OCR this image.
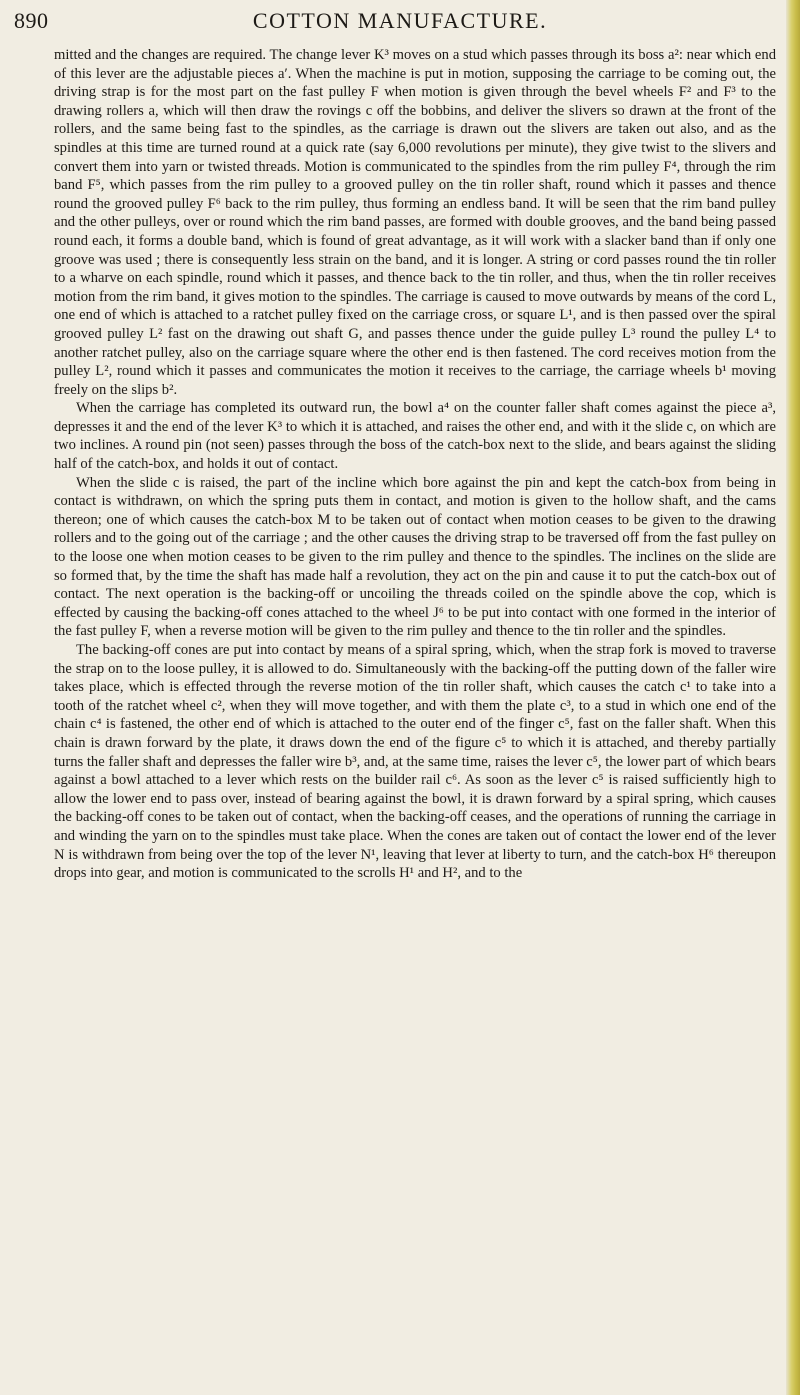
890	COTTON MANUFACTURE.

mitted and the changes are required. The change lever K³ moves on a stud which passes through its boss a²: near which end of this lever are the adjustable pieces a′. When the machine is put in motion, supposing the carriage to be coming out, the driving strap is for the most part on the fast pulley F when motion is given through the bevel wheels F² and F³ to the drawing rollers a, which will then draw the rovings c off the bobbins, and deliver the slivers so drawn at the front of the rollers, and the same being fast to the spindles, as the carriage is drawn out the slivers are taken out also, and as the spindles at this time are turned round at a quick rate (say 6,000 revolutions per minute), they give twist to the slivers and convert them into yarn or twisted threads. Motion is communicated to the spindles from the rim pulley F⁴, through the rim band F⁵, which passes from the rim pulley to a grooved pulley on the tin roller shaft, round which it passes and thence round the grooved pulley F⁶ back to the rim pulley, thus forming an endless band. It will be seen that the rim band pulley and the other pulleys, over or round which the rim band passes, are formed with double grooves, and the band being passed round each, it forms a double band, which is found of great advantage, as it will work with a slacker band than if only one groove was used ; there is consequently less strain on the band, and it is longer. A string or cord passes round the tin roller to a wharve on each spindle, round which it passes, and thence back to the tin roller, and thus, when the tin roller receives motion from the rim band, it gives motion to the spindles. The carriage is caused to move outwards by means of the cord L, one end of which is attached to a ratchet pulley fixed on the carriage cross, or square L¹, and is then passed over the spiral grooved pulley L² fast on the drawing out shaft G, and passes thence under the guide pulley L³ round the pulley L⁴ to another ratchet pulley, also on the carriage square where the other end is then fastened. The cord receives motion from the pulley L², round which it passes and communicates the motion it receives to the carriage, the carriage wheels b¹ moving freely on the slips b².

When the carriage has completed its outward run, the bowl a⁴ on the counter faller shaft comes against the piece a³, depresses it and the end of the lever K³ to which it is attached, and raises the other end, and with it the slide c, on which are two inclines. A round pin (not seen) passes through the boss of the catch-box next to the slide, and bears against the sliding half of the catch-box, and holds it out of contact.

When the slide c is raised, the part of the incline which bore against the pin and kept the catch-box from being in contact is withdrawn, on which the spring puts them in contact, and motion is given to the hollow shaft, and the cams thereon; one of which causes the catch-box M to be taken out of contact when motion ceases to be given to the drawing rollers and to the going out of the carriage ; and the other causes the driving strap to be traversed off from the fast pulley on to the loose one when motion ceases to be given to the rim pulley and thence to the spindles. The inclines on the slide are so formed that, by the time the shaft has made half a revolution, they act on the pin and cause it to put the catch-box out of contact. The next operation is the backing-off or uncoiling the threads coiled on the spindle above the cop, which is effected by causing the backing-off cones attached to the wheel J⁶ to be put into contact with one formed in the interior of the fast pulley F, when a reverse motion will be given to the rim pulley and thence to the tin roller and the spindles.

The backing-off cones are put into contact by means of a spiral spring, which, when the strap fork is moved to traverse the strap on to the loose pulley, it is allowed to do. Simultaneously with the backing-off the putting down of the faller wire takes place, which is effected through the reverse motion of the tin roller shaft, which causes the catch c¹ to take into a tooth of the ratchet wheel c², when they will move together, and with them the plate c³, to a stud in which one end of the chain c⁴ is fastened, the other end of which is attached to the outer end of the finger c⁵, fast on the faller shaft. When this chain is drawn forward by the plate, it draws down the end of the figure c⁵ to which it is attached, and thereby partially turns the faller shaft and depresses the faller wire b³, and, at the same time, raises the lever c⁵, the lower part of which bears against a bowl attached to a lever which rests on the builder rail c⁶. As soon as the lever c⁵ is raised sufficiently high to allow the lower end to pass over, instead of bearing against the bowl, it is drawn forward by a spiral spring, which causes the backing-off cones to be taken out of contact, when the backing-off ceases, and the operations of running the carriage in and winding the yarn on to the spindles must take place. When the cones are taken out of contact the lower end of the lever N is withdrawn from being over the top of the lever N¹, leaving that lever at liberty to turn, and the catch-box H⁶ thereupon drops into gear, and motion is communicated to the scrolls H¹ and H², and to the
